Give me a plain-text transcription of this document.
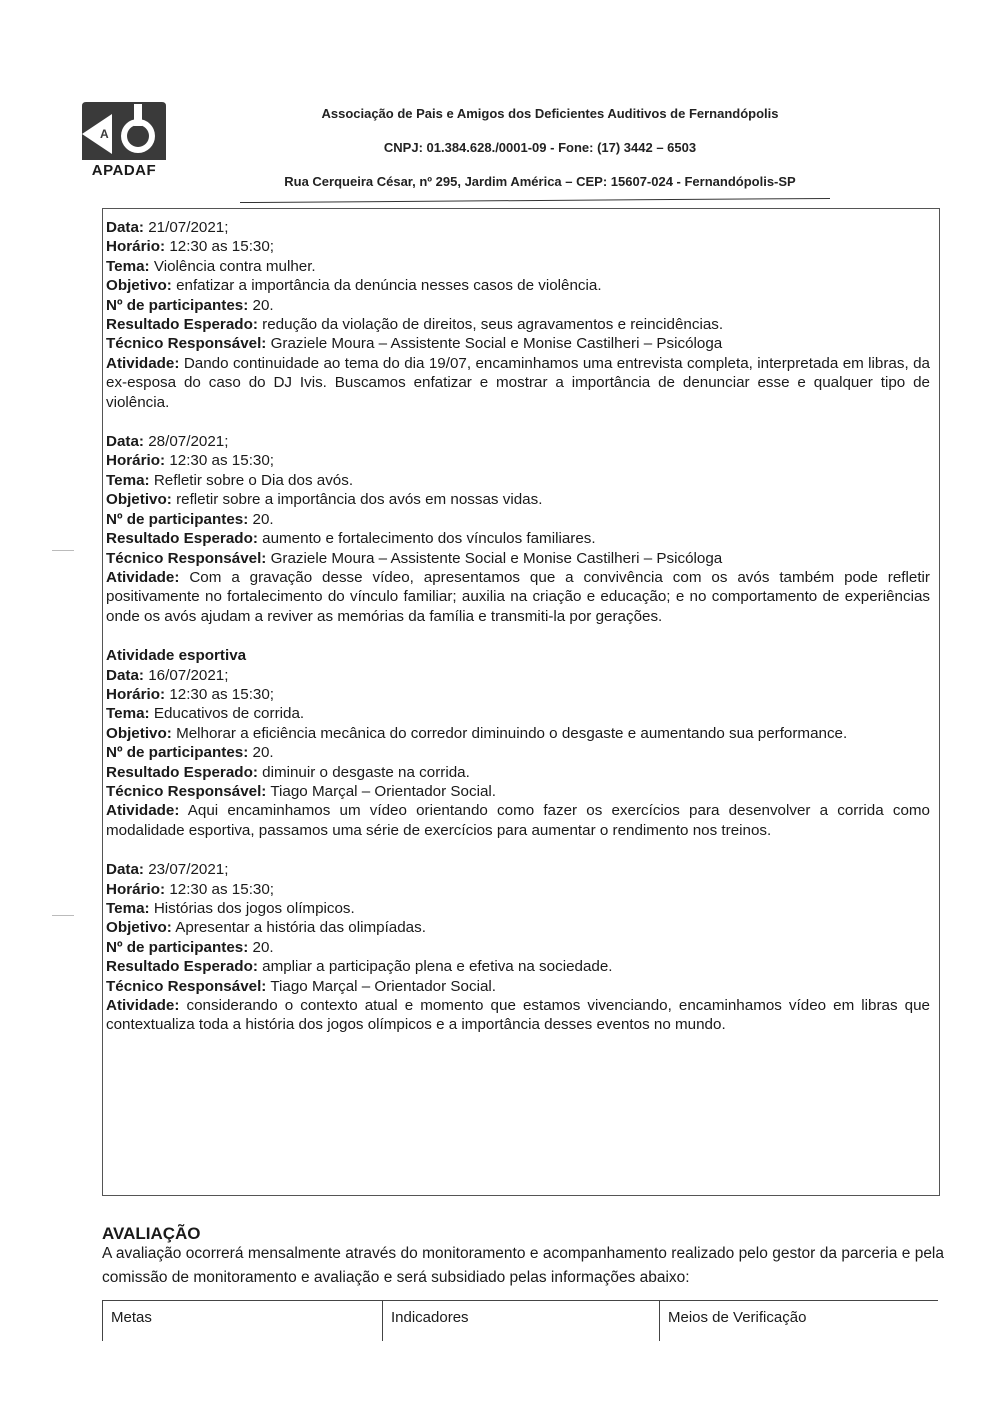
A
APADAF
Associação de Pais e Amigos dos Deficientes Auditivos de Fernandópolis
CNPJ: 01.384.628./0001-09 - Fone: (17) 3442 – 6503
Rua Cerqueira César, nº 295, Jardim América – CEP: 15607-024 - Fernandópolis-SP
Data: 21/07/2021;
Horário: 12:30 as 15:30;
Tema: Violência contra mulher.
Objetivo: enfatizar a importância da denúncia nesses casos de violência.
Nº de participantes: 20.
Resultado Esperado: redução da violação de direitos, seus agravamentos e reincidências.
Técnico Responsável: Graziele Moura – Assistente Social e Monise Castilheri – Psicóloga
Atividade: Dando continuidade ao tema do dia 19/07, encaminhamos uma entrevista completa, interpretada em libras, da ex-esposa do caso do DJ Ivis. Buscamos enfatizar e mostrar a importância de denunciar esse e qualquer tipo de violência.
Data: 28/07/2021;
Horário: 12:30 as 15:30;
Tema: Refletir sobre o Dia dos avós.
Objetivo: refletir sobre a importância dos avós em nossas vidas.
Nº de participantes: 20.
Resultado Esperado: aumento e fortalecimento dos vínculos familiares.
Técnico Responsável: Graziele Moura – Assistente Social e Monise Castilheri – Psicóloga
Atividade: Com a gravação desse vídeo, apresentamos que a convivência com os avós também pode refletir positivamente no fortalecimento do vínculo familiar; auxilia na criação e educação; e no comportamento de experiências onde os avós ajudam a reviver as memórias da família e transmiti-la por gerações.
Atividade esportiva
Data: 16/07/2021;
Horário: 12:30 as 15:30;
Tema: Educativos de corrida.
Objetivo: Melhorar a eficiência mecânica do corredor diminuindo o desgaste e aumentando sua performance.
Nº de participantes: 20.
Resultado Esperado: diminuir o desgaste na corrida.
Técnico Responsável: Tiago Marçal – Orientador Social.
Atividade: Aqui encaminhamos um vídeo orientando como fazer os exercícios para desenvolver a corrida como modalidade esportiva, passamos uma série de exercícios para aumentar o rendimento nos treinos.
Data: 23/07/2021;
Horário: 12:30 as 15:30;
Tema: Histórias dos jogos olímpicos.
Objetivo: Apresentar a história das olimpíadas.
Nº de participantes: 20.
Resultado Esperado: ampliar a participação plena e efetiva na sociedade.
Técnico Responsável: Tiago Marçal – Orientador Social.
Atividade: considerando o contexto atual e momento que estamos vivenciando, encaminhamos vídeo em libras que contextualiza toda a história dos jogos olímpicos e a importância desses eventos no mundo.
AVALIAÇÃO
A avaliação ocorrerá mensalmente através do monitoramento e acompanhamento realizado pelo gestor da parceria e pela comissão de monitoramento e avaliação e será subsidiado pelas informações abaixo:
Metas	Indicadores	Meios de Verificação
